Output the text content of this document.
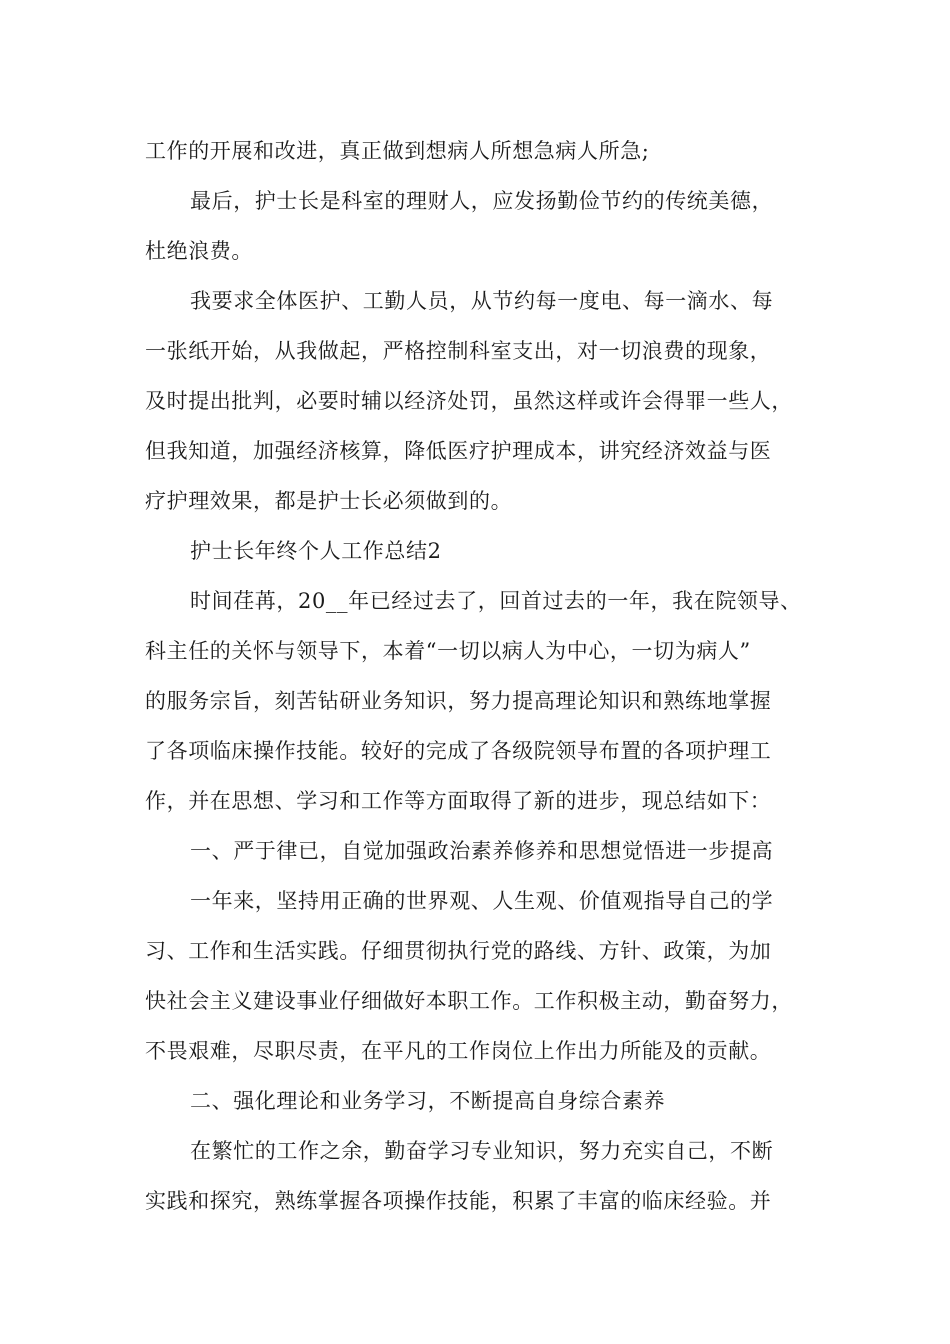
工作的开展和改进，真正做到想病人所想急病人所急;
最后，护士长是科室的理财人，应发扬勤俭节约的传统美德，
杜绝浪费。
我要求全体医护、工勤人员，从节约每一度电、每一滴水、每
一张纸开始，从我做起，严格控制科室支出，对一切浪费的现象，
及时提出批判，必要时辅以经济处罚，虽然这样或许会得罪一些人，
但我知道，加强经济核算，降低医疗护理成本，讲究经济效益与医
疗护理效果，都是护士长必须做到的。
护士长年终个人工作总结2
时间荏苒，20__年已经过去了，回首过去的一年，我在院领导、
科主任的关怀与领导下，本着“一切以病人为中心，一切为病人”
的服务宗旨，刻苦钻研业务知识，努力提高理论知识和熟练地掌握
了各项临床操作技能。较好的完成了各级院领导布置的各项护理工
作，并在思想、学习和工作等方面取得了新的进步，现总结如下：
一、严于律已，自觉加强政治素养修养和思想觉悟进一步提高
一年来，坚持用正确的世界观、人生观、价值观指导自己的学
习、工作和生活实践。仔细贯彻执行党的路线、方针、政策，为加
快社会主义建设事业仔细做好本职工作。工作积极主动，勤奋努力，
不畏艰难，尽职尽责，在平凡的工作岗位上作出力所能及的贡献。
二、强化理论和业务学习，不断提高自身综合素养
在繁忙的工作之余，勤奋学习专业知识，努力充实自己，不断
实践和探究，熟练掌握各项操作技能，积累了丰富的临床经验。并
